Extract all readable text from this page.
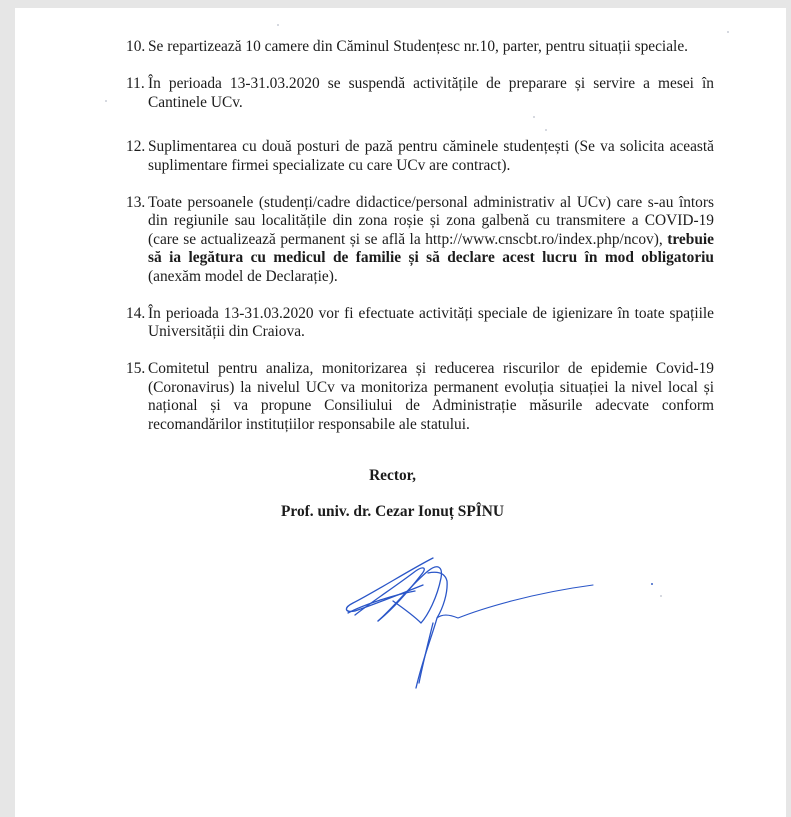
10. Se repartizează 10 camere din Căminul Studențesc nr.10, parter, pentru situații speciale.
11. În perioada 13-31.03.2020 se suspendă activitățile de preparare și servire a mesei în Cantinele UCv.
12. Suplimentarea cu două posturi de pază pentru căminele studențești (Se va solicita această suplimentare firmei specializate cu care UCv are contract).
13. Toate persoanele (studenți/cadre didactice/personal administrativ al UCv) care s-au întors din regiunile sau localitățile din zona roșie și zona galbenă cu transmitere a COVID-19 (care se actualizează permanent și se află la http://www.cnscbt.ro/index.php/ncov), trebuie să ia legătura cu medicul de familie și să declare acest lucru în mod obligatoriu (anexăm model de Declarație).
14. În perioada 13-31.03.2020 vor fi efectuate activități speciale de igienizare în toate spațiile Universității din Craiova.
15. Comitetul pentru analiza, monitorizarea și reducerea riscurilor de epidemie Covid-19 (Coronavirus) la nivelul UCv va monitoriza permanent evoluția situației la nivel local și național și va propune Consiliului de Administrație măsurile adecvate conform recomandărilor instituțiilor responsabile ale statului.
Rector,
Prof. univ. dr. Cezar Ionuț SPÎNU
